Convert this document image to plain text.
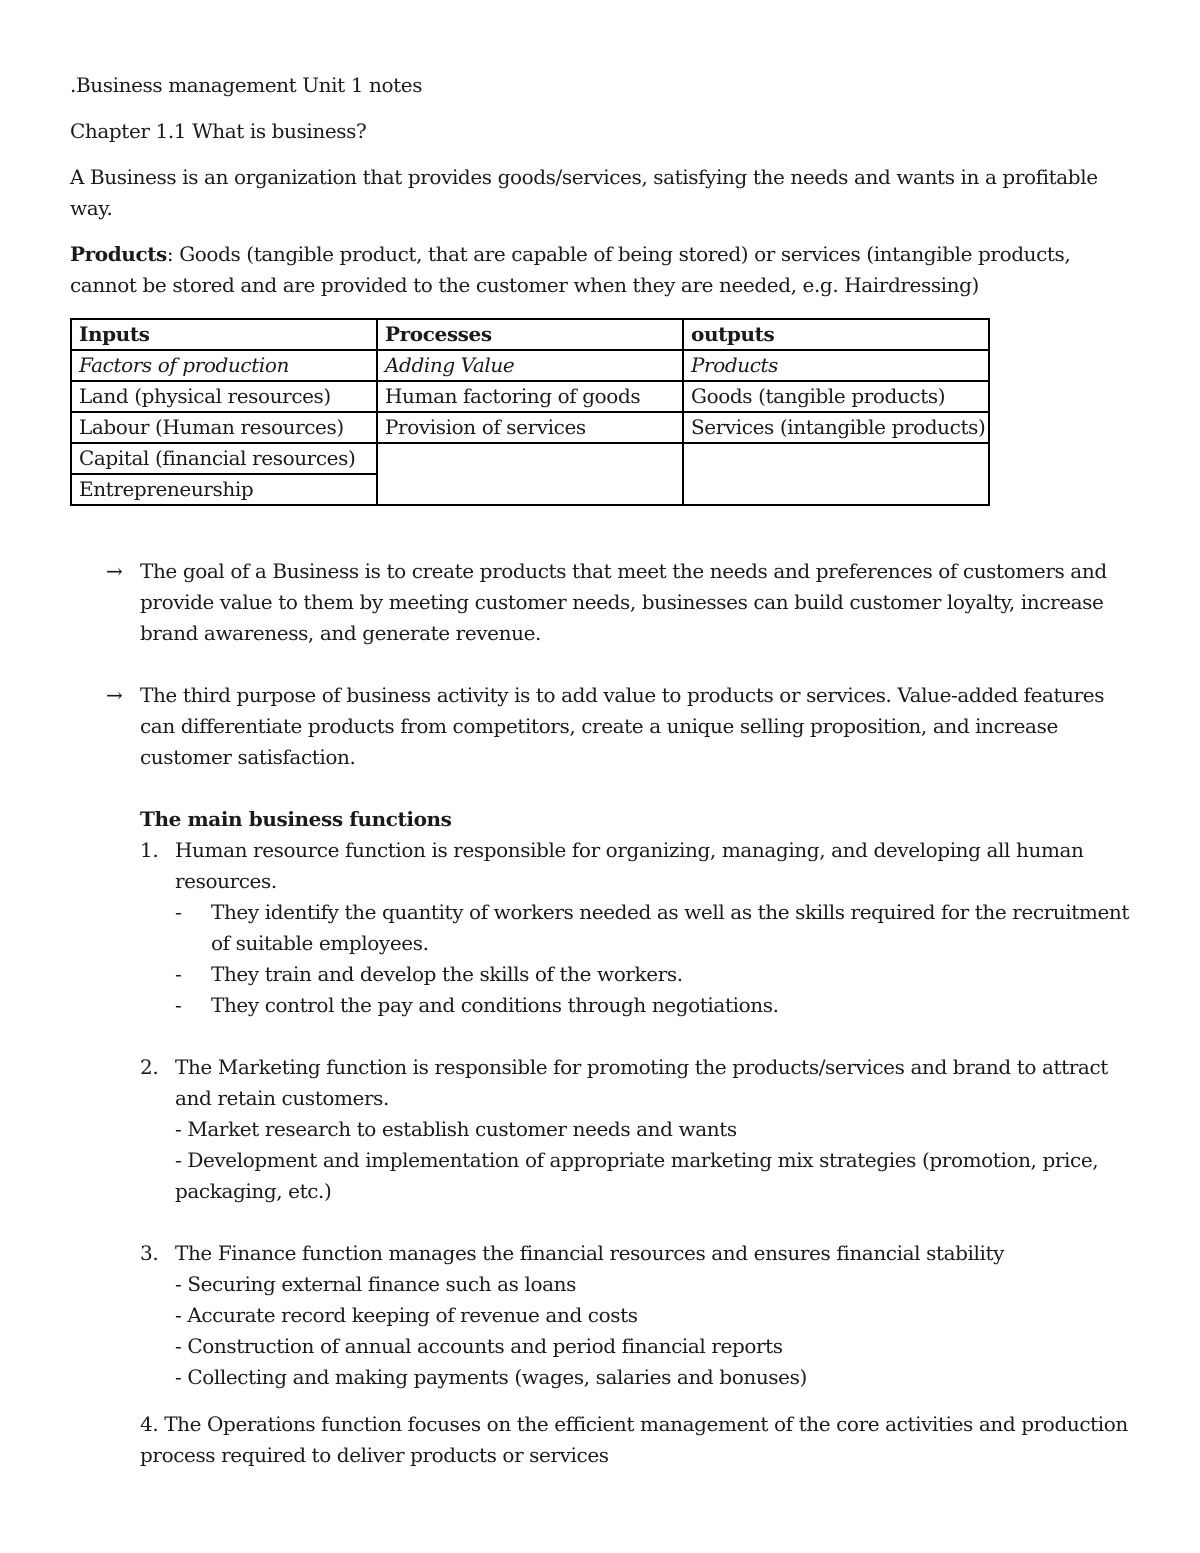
.Business management Unit 1 notes

Chapter 1.1 What is business?

A Business is an organization that provides goods/services, satisfying the needs and wants in a profitable way.

Products: Goods (tangible product, that are capable of being stored) or services (intangible products, cannot be stored and are provided to the customer when they are needed, e.g. Hairdressing)

Inputs	Processes	outputs
Factors of production	Adding Value	Products
Land (physical resources)	Human factoring of goods	Goods (tangible products)
Labour (Human resources)	Provision of services	Services (intangible products)
Capital (financial resources)		
Entrepreneurship		
→ The goal of a Business is to create products that meet the needs and preferences of customers and provide value to them by meeting customer needs, businesses can build customer loyalty, increase brand awareness, and generate revenue.
→ The third purpose of business activity is to add value to products or services. Value-added features can differentiate products from competitors, create a unique selling proposition, and increase customer satisfaction.

The main business functions

1. Human resource function is responsible for organizing, managing, and developing all human resources.
- They identify the quantity of workers needed as well as the skills required for the recruitment of suitable employees.
- They train and develop the skills of the workers.
- They control the pay and conditions through negotiations.
2. The Marketing function is responsible for promoting the products/services and brand to attract and retain customers.

- Market research to establish customer needs and wants

- Development and implementation of appropriate marketing mix strategies (promotion, price, packaging, etc.)

3. The Finance function manages the financial resources and ensures financial stability

- Securing external finance such as loans

- Accurate record keeping of revenue and costs

- Construction of annual accounts and period financial reports

- Collecting and making payments (wages, salaries and bonuses)

4. The Operations function focuses on the efficient management of the core activities and production process required to deliver products or services
